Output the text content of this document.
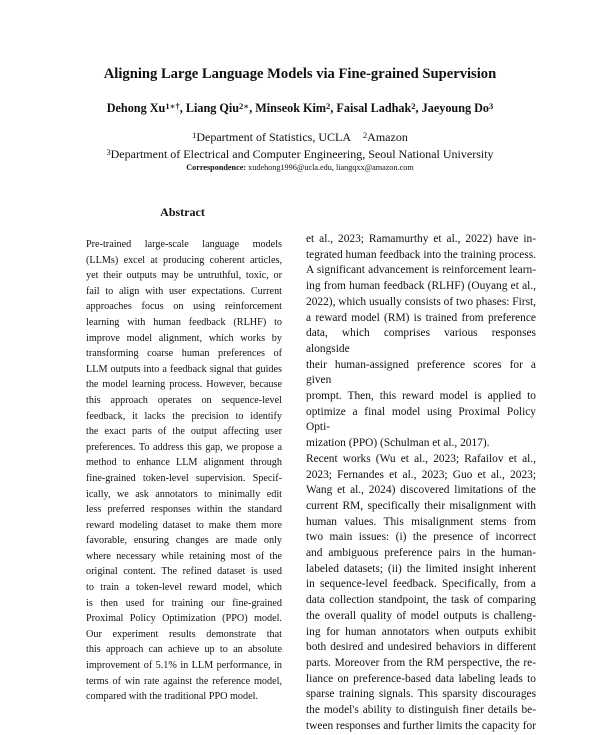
Aligning Large Language Models via Fine-grained Supervision
Dehong $Xu^{1∗\dagger}$, Liang Qiu$^{2∗}$, Minseok Kim$^2$, Faisal Ladhak$^2$, Jaeyoung Do$^3$
$^1$Department of Statistics, UCLA $^2$Amazon
$^3$Department of Electrical and Computer Engineering, Seoul National University
Correspondence: xudehong1996@ucla.edu, liangqxx@amazon.com
Abstract
Pre-trained large-scale language models
(LLMs) excel at producing coherent articles,
yet their outputs may be untruthful, toxic, or
fail to align with user expectations. Current
approaches focus on using reinforcement
learning with human feedback (RLHF) to
improve model alignment, which works by
transforming coarse human preferences of
LLM outputs into a feedback signal that guides
the model learning process. However, because
this approach operates on sequence-level
feedback, it lacks the precision to identify
the exact parts of the output affecting user
preferences. To address this gap, we propose a
method to enhance LLM alignment through
fine-grained token-level supervision. Specif-
ically, we ask annotators to minimally edit
less preferred responses within the standard
reward modeling dataset to make them more
favorable, ensuring changes are made only
where necessary while retaining most of the
original content. The refined dataset is used
to train a token-level reward model, which
is then used for training our fine-grained
Proximal Policy Optimization (PPO) model.
Our experiment results demonstrate that
this approach can achieve up to an absolute
improvement of 5.1% in LLM performance, in
terms of win rate against the reference model,
compared with the traditional PPO model.
et al., 2023; Ramamurthy et al., 2022) have in-
tegrated human feedback into the training process.
A significant advancement is reinforcement learn-
ing from human feedback (RLHF) (Ouyang et al.,
2022), which usually consists of two phases: First,
a reward model (RM) is trained from preference
data, which comprises various responses alongside
their human-assigned preference scores for a given
prompt. Then, this reward model is applied to
optimize a final model using Proximal Policy Opti-
mization (PPO) (Schulman et al., 2017).
Recent works (Wu et al., 2023; Rafailov et al.,
2023; Fernandes et al., 2023; Guo et al., 2023;
Wang et al., 2024) discovered limitations of the
current RM, specifically their misalignment with
human values. This misalignment stems from
two main issues: (i) the presence of incorrect
and ambiguous preference pairs in the human-
labeled datasets; (ii) the limited insight inherent
in sequence-level feedback. Specifically, from a
data collection standpoint, the task of comparing
the overall quality of model outputs is challeng-
ing for human annotators when outputs exhibit
both desired and undesired behaviors in different
parts. Moreover from the RM perspective, the re-
liance on preference-based data labeling leads to
sparse training signals. This sparsity discourages
the model's ability to distinguish finer details be-
tween responses and further limits the capacity for
